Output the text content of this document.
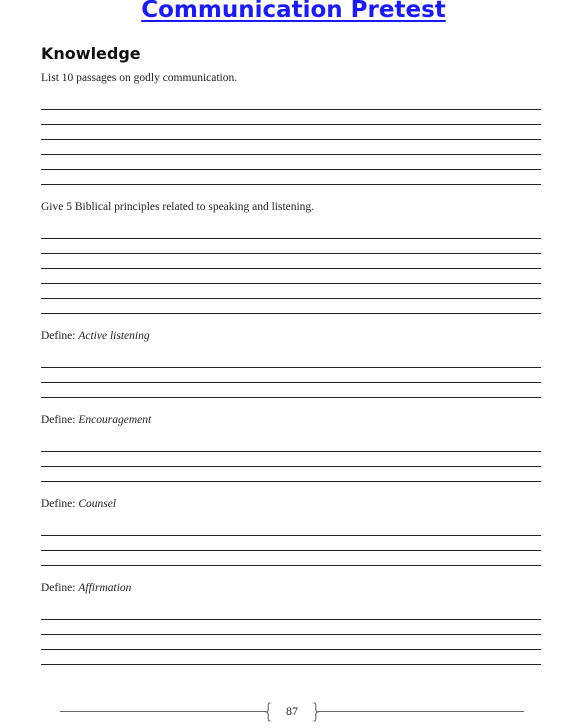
Communication Pretest
Knowledge
List 10 passages on godly communication.
Give 5 Biblical principles related to speaking and listening.
Define: Active listening
Define: Encouragement
Define: Counsel
Define: Affirmation
{ }
87
